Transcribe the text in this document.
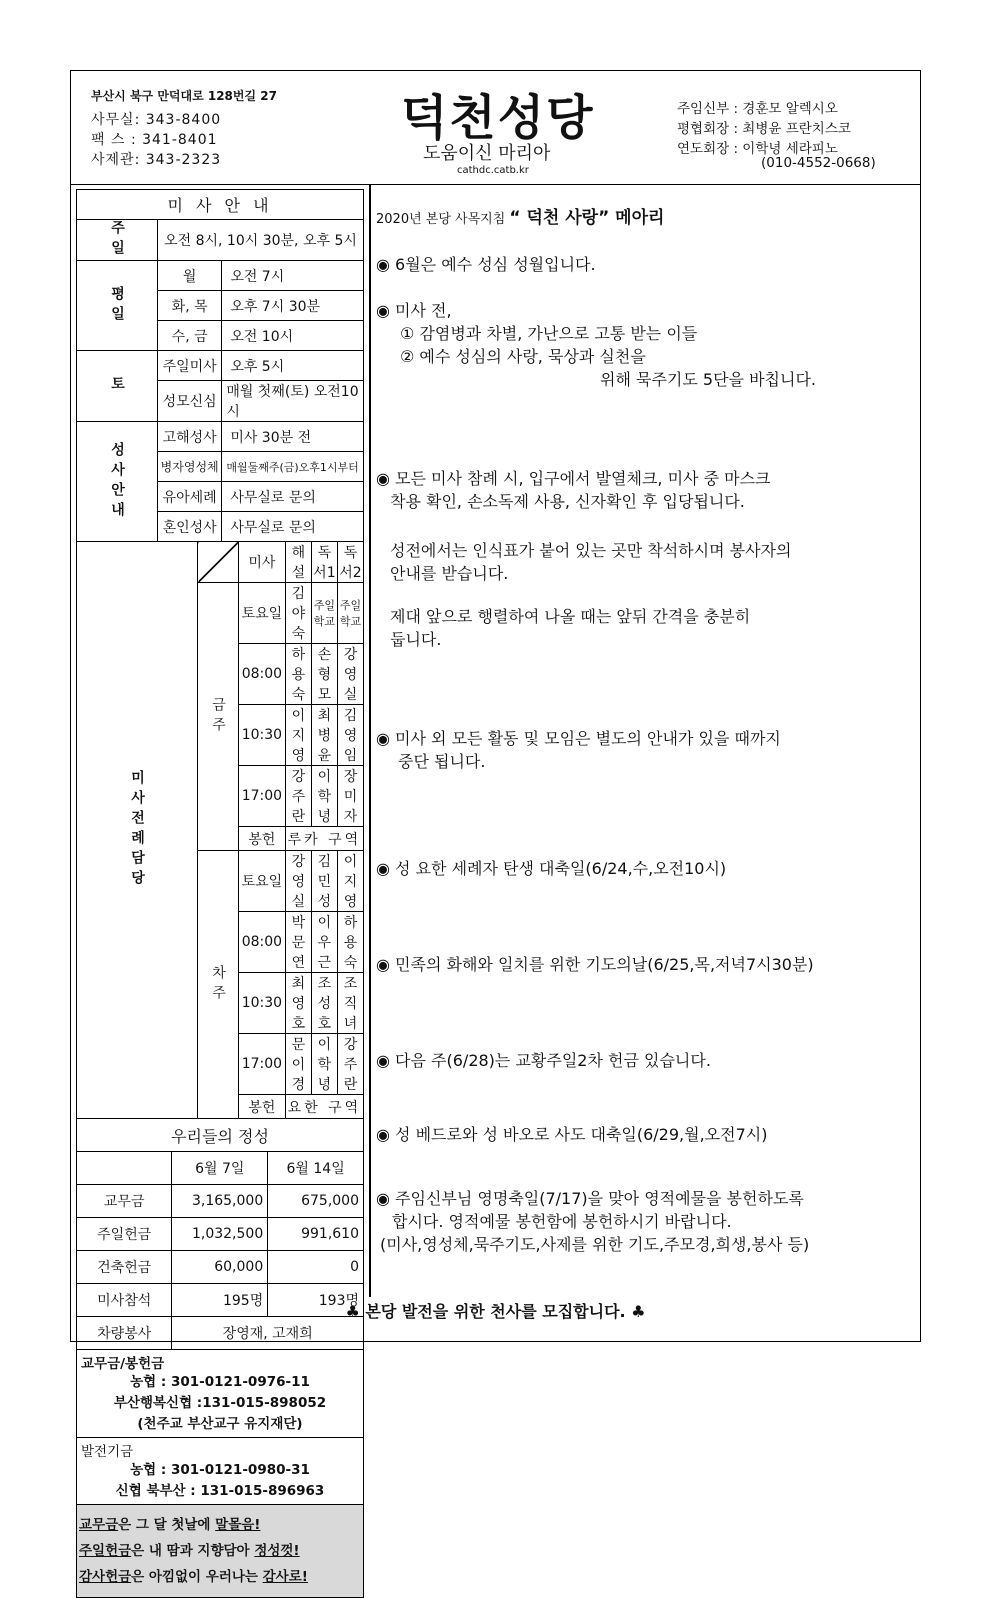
부산시 북구 만덕대로 128번길 27
사무실: 343-8400
팩 스 : 341-8401
사제관: 343-2323
덕천성당
도움이신 마리아
cathdc.catb.kr
주임신부 : 경훈모 알렉시오
평협회장 : 최병윤 프란치스코
연도회장 : 이학녕 세라피노
(010-4552-0668)
미 사 안 내		
주일	오전 8시, 10시 30분, 오후 5시	
평일	월	오전 7시
	화, 목	오후 7시 30분
	수, 금	오전 10시
토	주일미사	오후 5시
	성모신심	매월 첫째(토) 오전10시
성사안내	고해성사	미사 30분 전
	병자영성체	매월둘째주(금)오후1시부터
	유아세례	사무실로 문의
	혼인성사	사무실로 문의
미사전례담당		미사	해 설	독서1	독서2
	금주	토요일	김야숙	주일학교	주일학교
		08:00	하용숙	손형모	강영실
		10:30	이지영	최병윤	김영임
		17:00	강주란	이학녕	장미자
		봉헌	루카 구역		
	차주	토요일	강영실	김민성	이지영
		08:00	박문연	이우근	하용숙
		10:30	최영호	조성호	조직녀
		17:00	문이경	이학녕	강주란
		봉헌	요한 구역		
우리들의 정성		
	6월 7일	6월 14일
교무금	3,165,000	675,000
주일헌금	1,032,500	991,610
건축헌금	60,000	0
미사참석	195명	193명
차량봉사	장영재, 고재희	
교무금/봉헌금
농협 : 301-0121-0976-11
부산행복신협 :131-015-898052
(천주교 부산교구 유지재단)
발전기금
농협 : 301-0121-0980-31
신협 북부산 : 131-015-896963
교무금은 그 달 첫날에 말몰음!
주일헌금은 내 땀과 지향담아 정성껏!
감사헌금은 아낌없이 우러나는 감사로!
2020년 본당 사목지침 “ 덕천 사랑” 메아리
◉ 6월은 예수 성심 성월입니다.
◉ 미사 전,
① 감염병과 차별, 가난으로 고통 받는 이들
② 예수 성심의 사랑, 묵상과 실천을
위해 묵주기도 5단을 바칩니다.
◉ 모든 미사 참례 시, 입구에서 발열체크, 미사 중 마스크
착용 확인, 손소독제 사용, 신자확인 후 입당됩니다.
성전에서는 인식표가 붙어 있는 곳만 착석하시며 봉사자의
안내를 받습니다.
제대 앞으로 행렬하여 나올 때는 앞뒤 간격을 충분히
둡니다.
◉ 미사 외 모든 활동 및 모임은 별도의 안내가 있을 때까지
중단 됩니다.
◉ 성 요한 세례자 탄생 대축일(6/24,수,오전10시)
◉ 민족의 화해와 일치를 위한 기도의날(6/25,목,저녁7시30분)
◉ 다음 주(6/28)는 교황주일2차 헌금 있습니다.
◉ 성 베드로와 성 바오로 사도 대축일(6/29,월,오전7시)
◉ 주임신부님 영명축일(7/17)을 맞아 영적예물을 봉헌하도록
합시다. 영적예물 봉헌함에 봉헌하시기 바랍니다.
(미사,영성체,묵주기도,사제를 위한 기도,주모경,희생,봉사 등)
♣ 본당 발전을 위한 천사를 모집합니다. ♣
